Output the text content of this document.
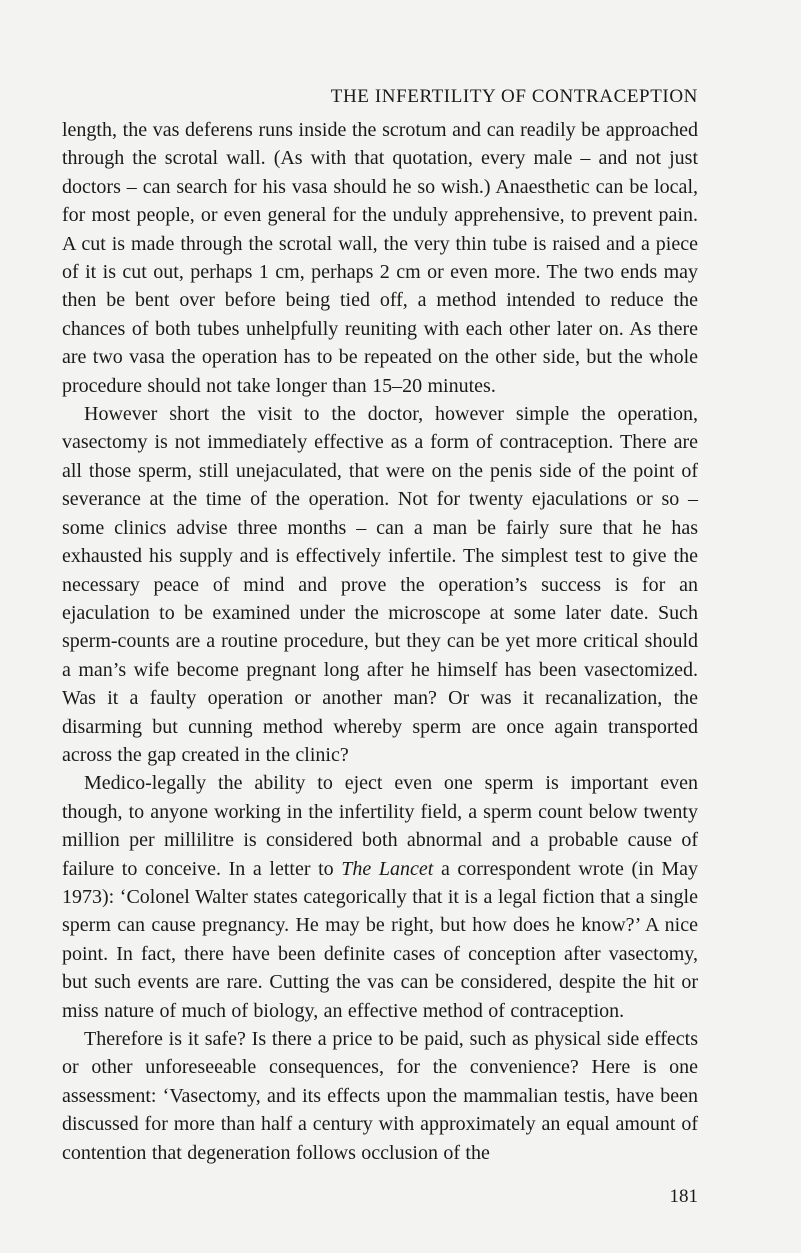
THE INFERTILITY OF CONTRACEPTION

length, the vas deferens runs inside the scrotum and can readily be approached through the scrotal wall. (As with that quotation, every male – and not just doctors – can search for his vasa should he so wish.) Anaesthetic can be local, for most people, or even general for the unduly apprehensive, to prevent pain. A cut is made through the scrotal wall, the very thin tube is raised and a piece of it is cut out, perhaps 1 cm, perhaps 2 cm or even more. The two ends may then be bent over before being tied off, a method intended to reduce the chances of both tubes unhelpfully reuniting with each other later on. As there are two vasa the operation has to be repeated on the other side, but the whole procedure should not take longer than 15–20 minutes.

However short the visit to the doctor, however simple the operation, vasectomy is not immediately effective as a form of contraception. There are all those sperm, still unejaculated, that were on the penis side of the point of severance at the time of the operation. Not for twenty ejaculations or so – some clinics advise three months – can a man be fairly sure that he has exhausted his supply and is effectively infertile. The simplest test to give the necessary peace of mind and prove the operation’s success is for an ejaculation to be examined under the microscope at some later date. Such sperm-counts are a routine procedure, but they can be yet more critical should a man’s wife become pregnant long after he himself has been vasectomized. Was it a faulty operation or another man? Or was it recanalization, the disarming but cunning method whereby sperm are once again transported across the gap created in the clinic?

Medico-legally the ability to eject even one sperm is important even though, to anyone working in the infertility field, a sperm count below twenty million per millilitre is considered both abnormal and a probable cause of failure to conceive. In a letter to The Lancet a correspondent wrote (in May 1973): ‘Colonel Walter states categorically that it is a legal fiction that a single sperm can cause pregnancy. He may be right, but how does he know?’ A nice point. In fact, there have been definite cases of conception after vasectomy, but such events are rare. Cutting the vas can be considered, despite the hit or miss nature of much of biology, an effective method of contraception.

Therefore is it safe? Is there a price to be paid, such as physical side effects or other unforeseeable consequences, for the convenience? Here is one assessment: ‘Vasectomy, and its effects upon the mammalian testis, have been discussed for more than half a century with approximately an equal amount of contention that degeneration follows occlusion of the

181
